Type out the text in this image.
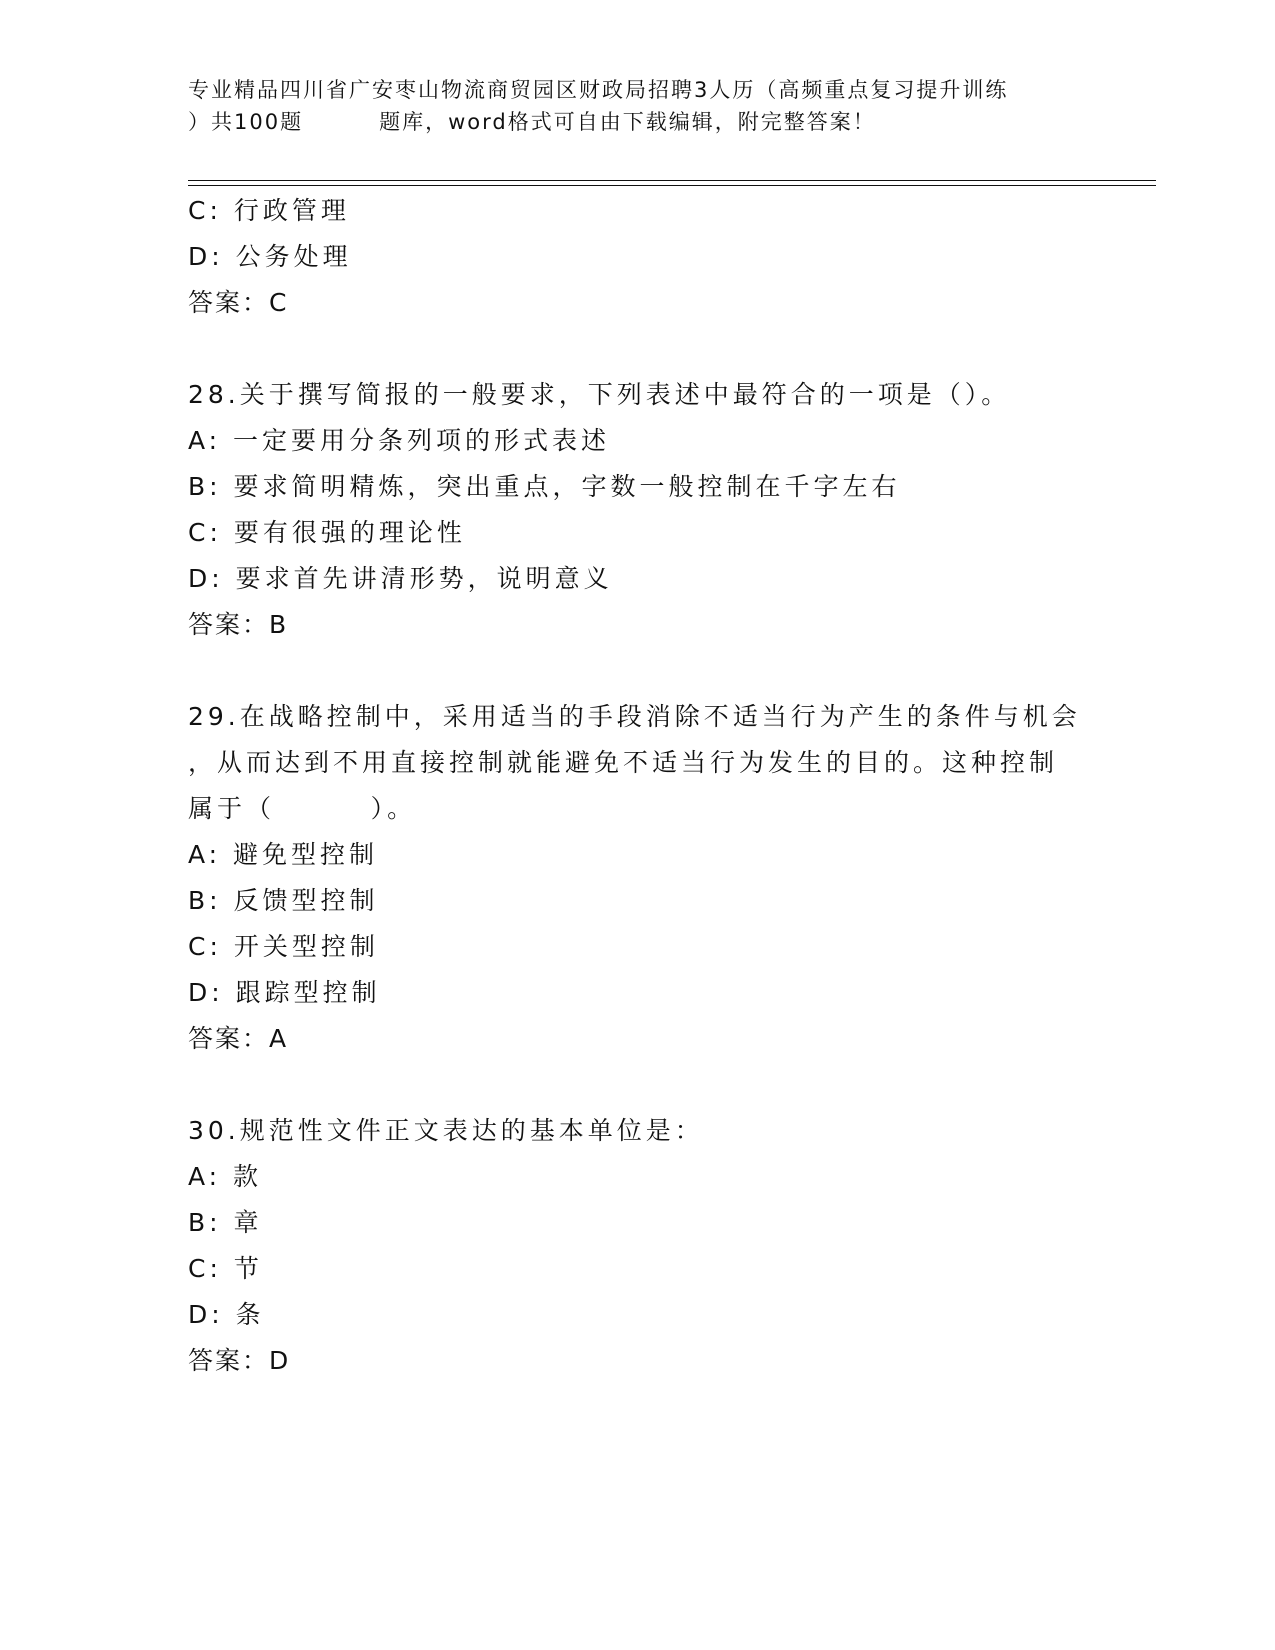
专业精品四川省广安枣山物流商贸园区财政局招聘3人历（高频重点复习提升训练
）共100题	题库，word格式可自由下载编辑，附完整答案！
C: 行政管理
D: 公务处理
答案：C
28.关于撰写简报的一般要求，下列表述中最符合的一项是（）。
A: 一定要用分条列项的形式表述
B: 要求简明精炼，突出重点，字数一般控制在千字左右
C: 要有很强的理论性
D: 要求首先讲清形势，说明意义
答案：B
29.在战略控制中，采用适当的手段消除不适当行为产生的条件与机会
，从而达到不用直接控制就能避免不适当行为发生的目的。这种控制
属于（        ）。
A: 避免型控制
B: 反馈型控制
C: 开关型控制
D: 跟踪型控制
答案：A
30.规范性文件正文表达的基本单位是：
A: 款
B: 章
C: 节
D: 条
答案：D
